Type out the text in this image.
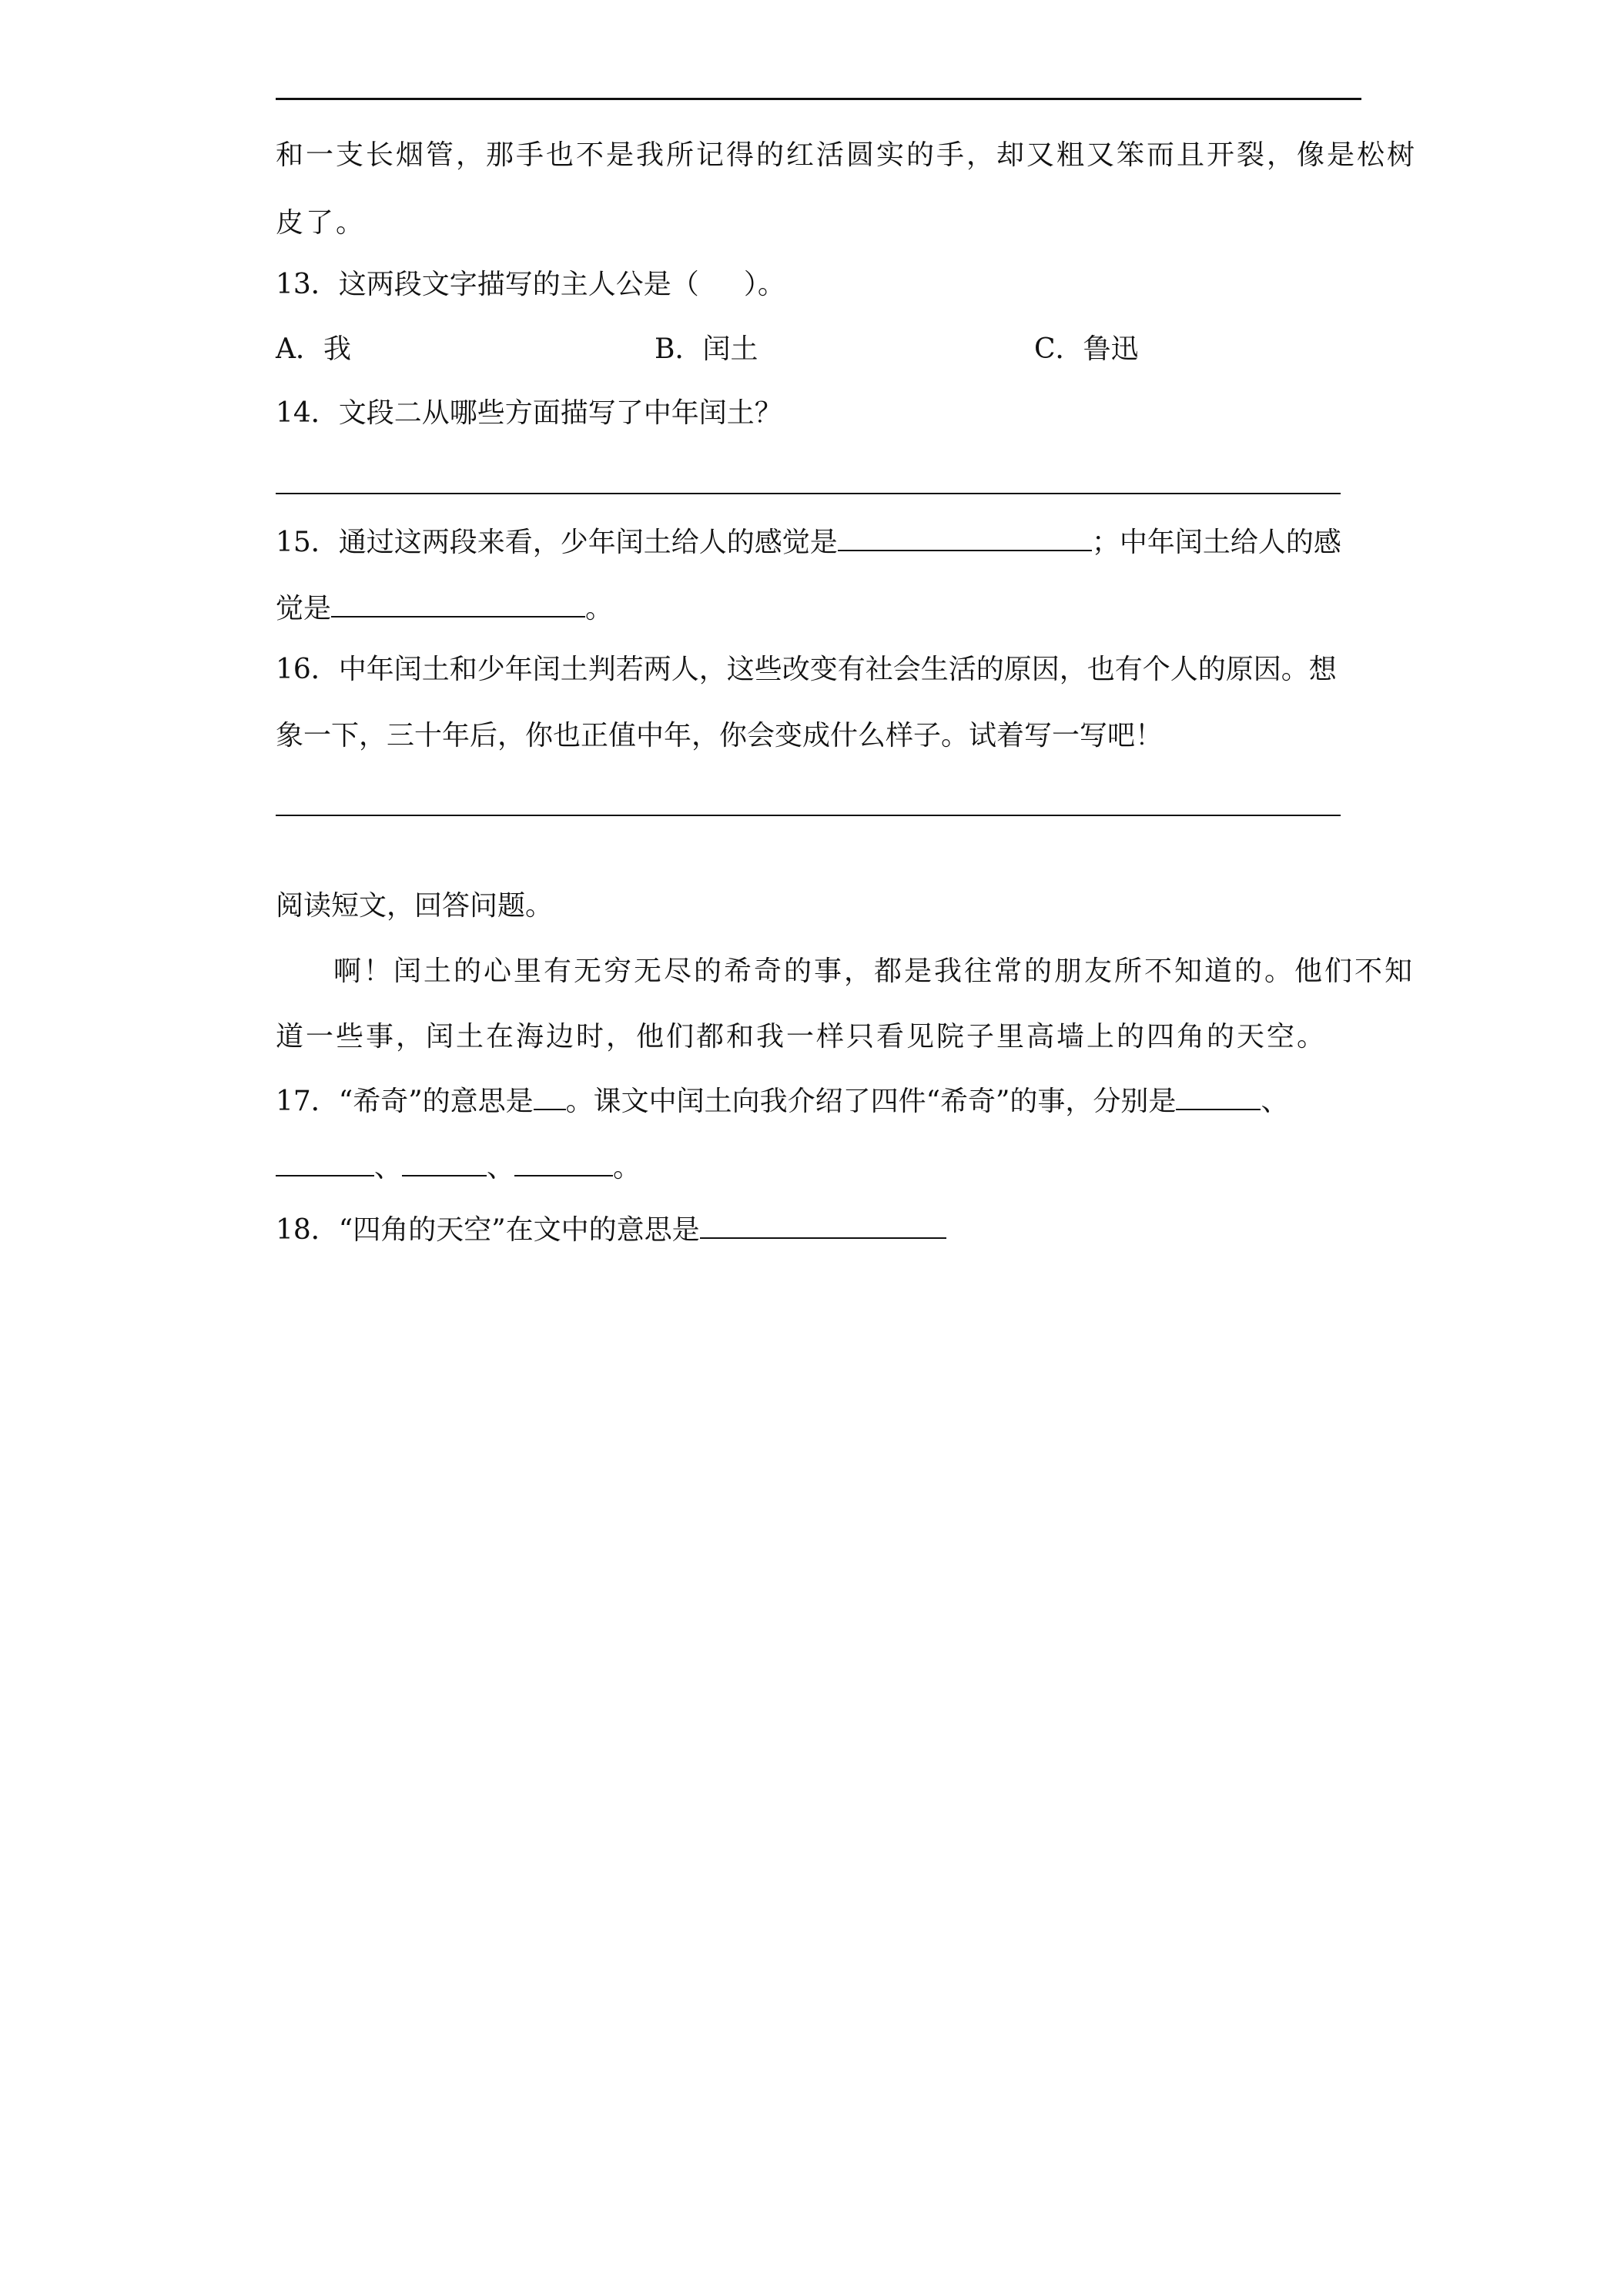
和一支长烟管，那手也不是我所记得的红活圆实的手，却又粗又笨而且开裂，像是松树
皮了。
13．这两段文字描写的主人公是（ ）。
A．我	B．闰土	C．鲁迅
14．文段二从哪些方面描写了中年闰土？
15．通过这两段来看，少年闰土给人的感觉是	；中年闰土给人的感
觉是	。
16．中年闰土和少年闰土判若两人，这些改变有社会生活的原因，也有个人的原因。想
象一下，三十年后，你也正值中年，你会变成什么样子。试着写一写吧！
阅读短文，回答问题。
啊！闰土的心里有无穷无尽的希奇的事，都是我往常的朋友所不知道的。他们不知
道一些事，闰土在海边时，他们都和我一样只看见院子里高墙上的四角的天空。
17．“希奇”的意思是 。课文中闰土向我介绍了四件“希奇”的事，分别是	、
、	、	。
18．“四角的天空”在文中的意思是
